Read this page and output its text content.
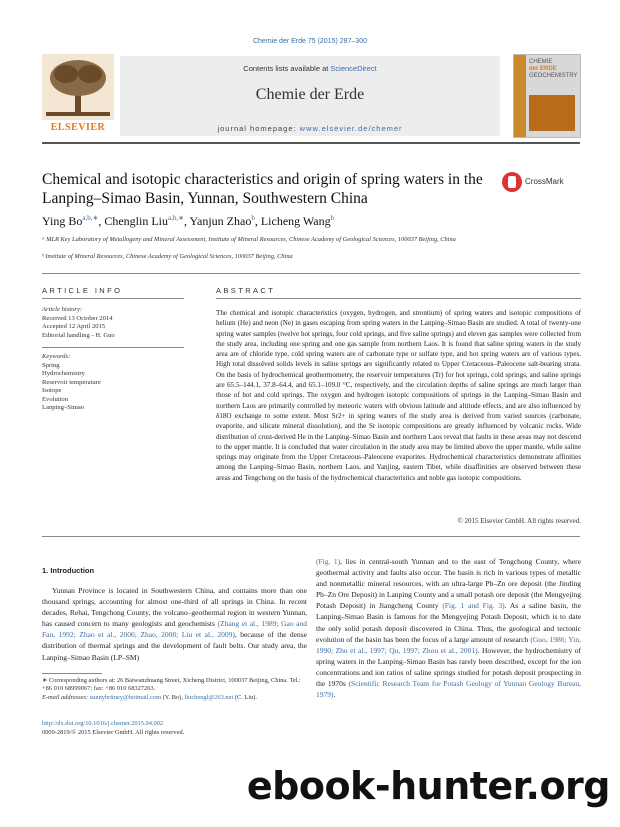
Chemie der Erde 75 (2015) 287–300
Contents lists available at ScienceDirect
Chemie der Erde
journal homepage: www.elsevier.de/chemer
ELSEVIER
CHEMIE
der ERDE
GEOCHEMISTRY
Chemical and isotopic characteristics and origin of spring waters in the Lanping–Simao Basin, Yunnan, Southwestern China
CrossMark
Ying $Bo^{a,b,∗}$, Chenglin Liu$^{a,b,∗}$, Yanjun Zhao$^b$, Licheng Wang$^b$
ᵃ MLR Key Laboratory of Metallogeny and Mineral Assessment, Institute of Mineral Resources, Chinese Academy of Geological Sciences, 100037 Beijing, China
ᵇ Institute of Mineral Resources, Chinese Academy of Geological Sciences, 100037 Beijing, China
ARTICLE INFO
Article history:
Received 13 October 2014
Accepted 12 April 2015
Editorial handling - H. Guo
Keywords:
Spring
Hydrochemistry
Reservoir temperature
Isotope
Evolution
Lanping–Simao
ABSTRACT
The chemical and isotopic characteristics (oxygen, hydrogen, and strontium) of spring waters and isotopic compositions of helium (He) and neon (Ne) in gases escaping from spring waters in the Lanping–Simao Basin are studied. A total of twenty-one spring water samples (twelve hot springs, four cold springs, and five saline springs) and eleven gas samples were collected from the study area, including one spring and one gas sample from northern Laos. It is found that saline spring waters in the study area are of chloride type, cold spring waters are of carbonate type or sulfate type, and hot spring waters are of various types. High total dissolved solids levels in saline springs are significantly related to Upper Cretaceous–Paleocene salt-bearing strata. On the basis of hydrochemical geothermometry, the reservoir temperatures (Tr) for hot springs, cold springs, and saline springs are 65.5–144.1, 37.8–64.4, and 65.1–109.0 °C, respectively, and the circulation depths of saline springs are much larger than those of hot and cold springs. The oxygen and hydrogen isotopic compositions of springs in the Lanping–Simao Basin and northern Laos are primarily controlled by meteoric waters with obvious latitude and altitude effects, and are also influenced by δ18O exchange to some extent. Most Sr2+ in spring waters of the study area is derived from varied sources (carbonate, evaporite, and silicate mineral dissolution), and the Sr isotopic compositions are greatly influenced by volcanic rocks. Wide distribution of crust-derived He in the Lanping–Simao Basin and northern Laos reveal that faults in these areas may not descend to the upper mantle. It is concluded that water circulation in the study area may be limited above the upper mantle, while saline springs may originate from the Upper Cretaceous–Paleocene evaporites. Hydrochemical characteristics demonstrate affinities among the Lanping–Simao Basin, northern Laos, and Yanjing, eastern Tibet, while disaffinities are observed between these areas and Tengchong on the basis of the hydrochemical characteristics and noble gas isotopic compositions.
© 2015 Elsevier GmbH. All rights reserved.
1. Introduction
Yunnan Province is located in Southwestern China, and contains more than one thousand springs, accounting for almost one-third of all springs in China. In recent decades, Rehai, Tengchong County, the volcano–geothermal region in western Yunnan, has caused concern to many geologists and geochemists (Zhang et al., 1989; Gao and Fan, 1992; Zhao et al., 2006; Zhao, 2008; Liu et al., 2009), because of the dense distribution of thermal springs and the development of fault belts. Our study area, the Lanping–Simao Basin (LP–SM)
(Fig. 1), lies in central-south Yunnan and to the east of Tengchong County, where geothermal activity and faults also occur. The basin is rich in various types of metallic and nonmetallic mineral resources, with an ultra-large Pb–Zn ore deposit (the Jinding Pb–Zn Ore Deposit) in Lanping County and a small potash ore deposit (the Mengyejing Potash Deposit) in Jiangcheng County (Fig. 1 and Fig. 3). As a saline basin, the Lanping–Simao Basin is famous for the Mengyejing Potash Deposit, which is to date the only solid potash deposit discovered in China. Thus, the geological and tectonic evolution of the basin has been the focus of a large amount of research (Guo, 1986; Yin, 1990; Zhu et al., 1997; Qu, 1997; Zhou et al., 2001). However, the hydrochemistry of spring waters in the Lanping–Simao Basin has rarely been described, except for the ion concentrations and ion ratios of saline springs studied for potash deposit prospecting in the 1970s (Scientific Research Team for Potash Geology of Yunnan Geology Bureau, 1979).
∗ Corresponding authors at: 26 Baiwanzhuang Street, Xicheng District, 100037 Beijing, China. Tel.: +86 010 68999067; fax: +86 010 68327263.
E-mail addresses: sunnybritney@hotmail.com (Y. Bo), liuchengl@263.net (C. Liu).
http://dx.doi.org/10.1016/j.chemer.2015.04.002
0009-2819/© 2015 Elsevier GmbH. All rights reserved.
ebook-hunter.org
